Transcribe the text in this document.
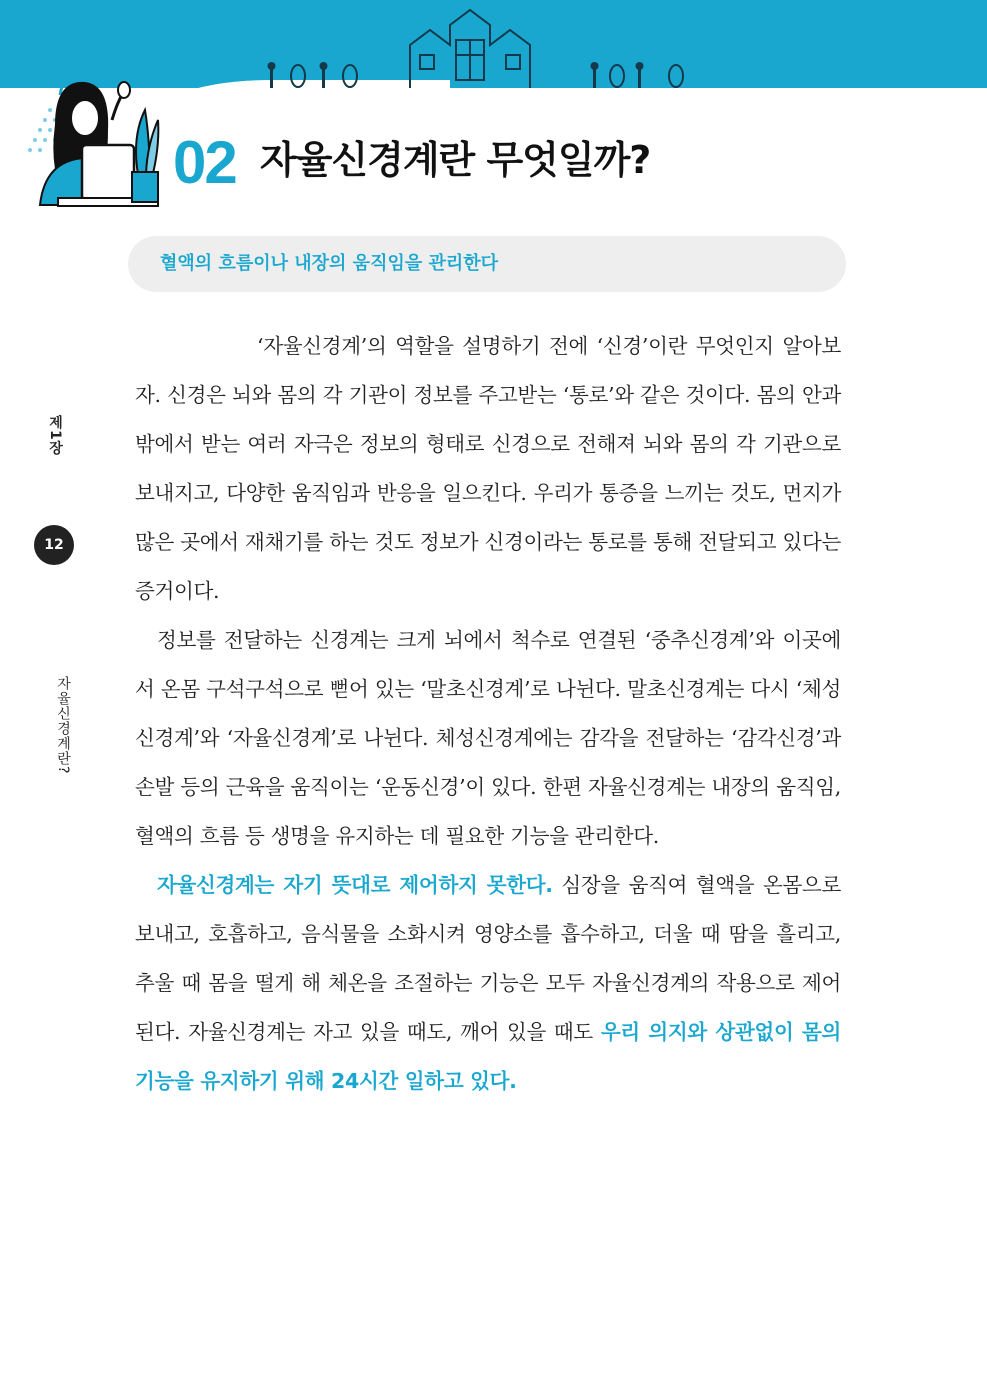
02 자율신경계란 무엇일까?
혈액의 흐름이나 내장의 움직임을 관리한다
제1장
12
자율신경계란?

‘자율신경계’의 역할을 설명하기 전에 ‘신경’이란 무엇인지 알아보자. 신경은 뇌와 몸의 각 기관이 정보를 주고받는 ‘통로’와 같은 것이다. 몸의 안과 밖에서 받는 여러 자극은 정보의 형태로 신경으로 전해져 뇌와 몸의 각 기관으로 보내지고, 다양한 움직임과 반응을 일으킨다. 우리가 통증을 느끼는 것도, 먼지가 많은 곳에서 재채기를 하는 것도 정보가 신경이라는 통로를 통해 전달되고 있다는 증거이다.

정보를 전달하는 신경계는 크게 뇌에서 척수로 연결된 ‘중추신경계’와 이곳에서 온몸 구석구석으로 뻗어 있는 ‘말초신경계’로 나뉜다. 말초신경계는 다시 ‘체성신경계’와 ‘자율신경계’로 나뉜다. 체성신경계에는 감각을 전달하는 ‘감각신경’과 손발 등의 근육을 움직이는 ‘운동신경’이 있다. 한편 자율신경계는 내장의 움직임, 혈액의 흐름 등 생명을 유지하는 데 필요한 기능을 관리한다.

자율신경계는 자기 뜻대로 제어하지 못한다. 심장을 움직여 혈액을 온몸으로 보내고, 호흡하고, 음식물을 소화시켜 영양소를 흡수하고, 더울 때 땀을 흘리고, 추울 때 몸을 떨게 해 체온을 조절하는 기능은 모두 자율신경계의 작용으로 제어된다. 자율신경계는 자고 있을 때도, 깨어 있을 때도 우리 의지와 상관없이 몸의 기능을 유지하기 위해 24시간 일하고 있다.
